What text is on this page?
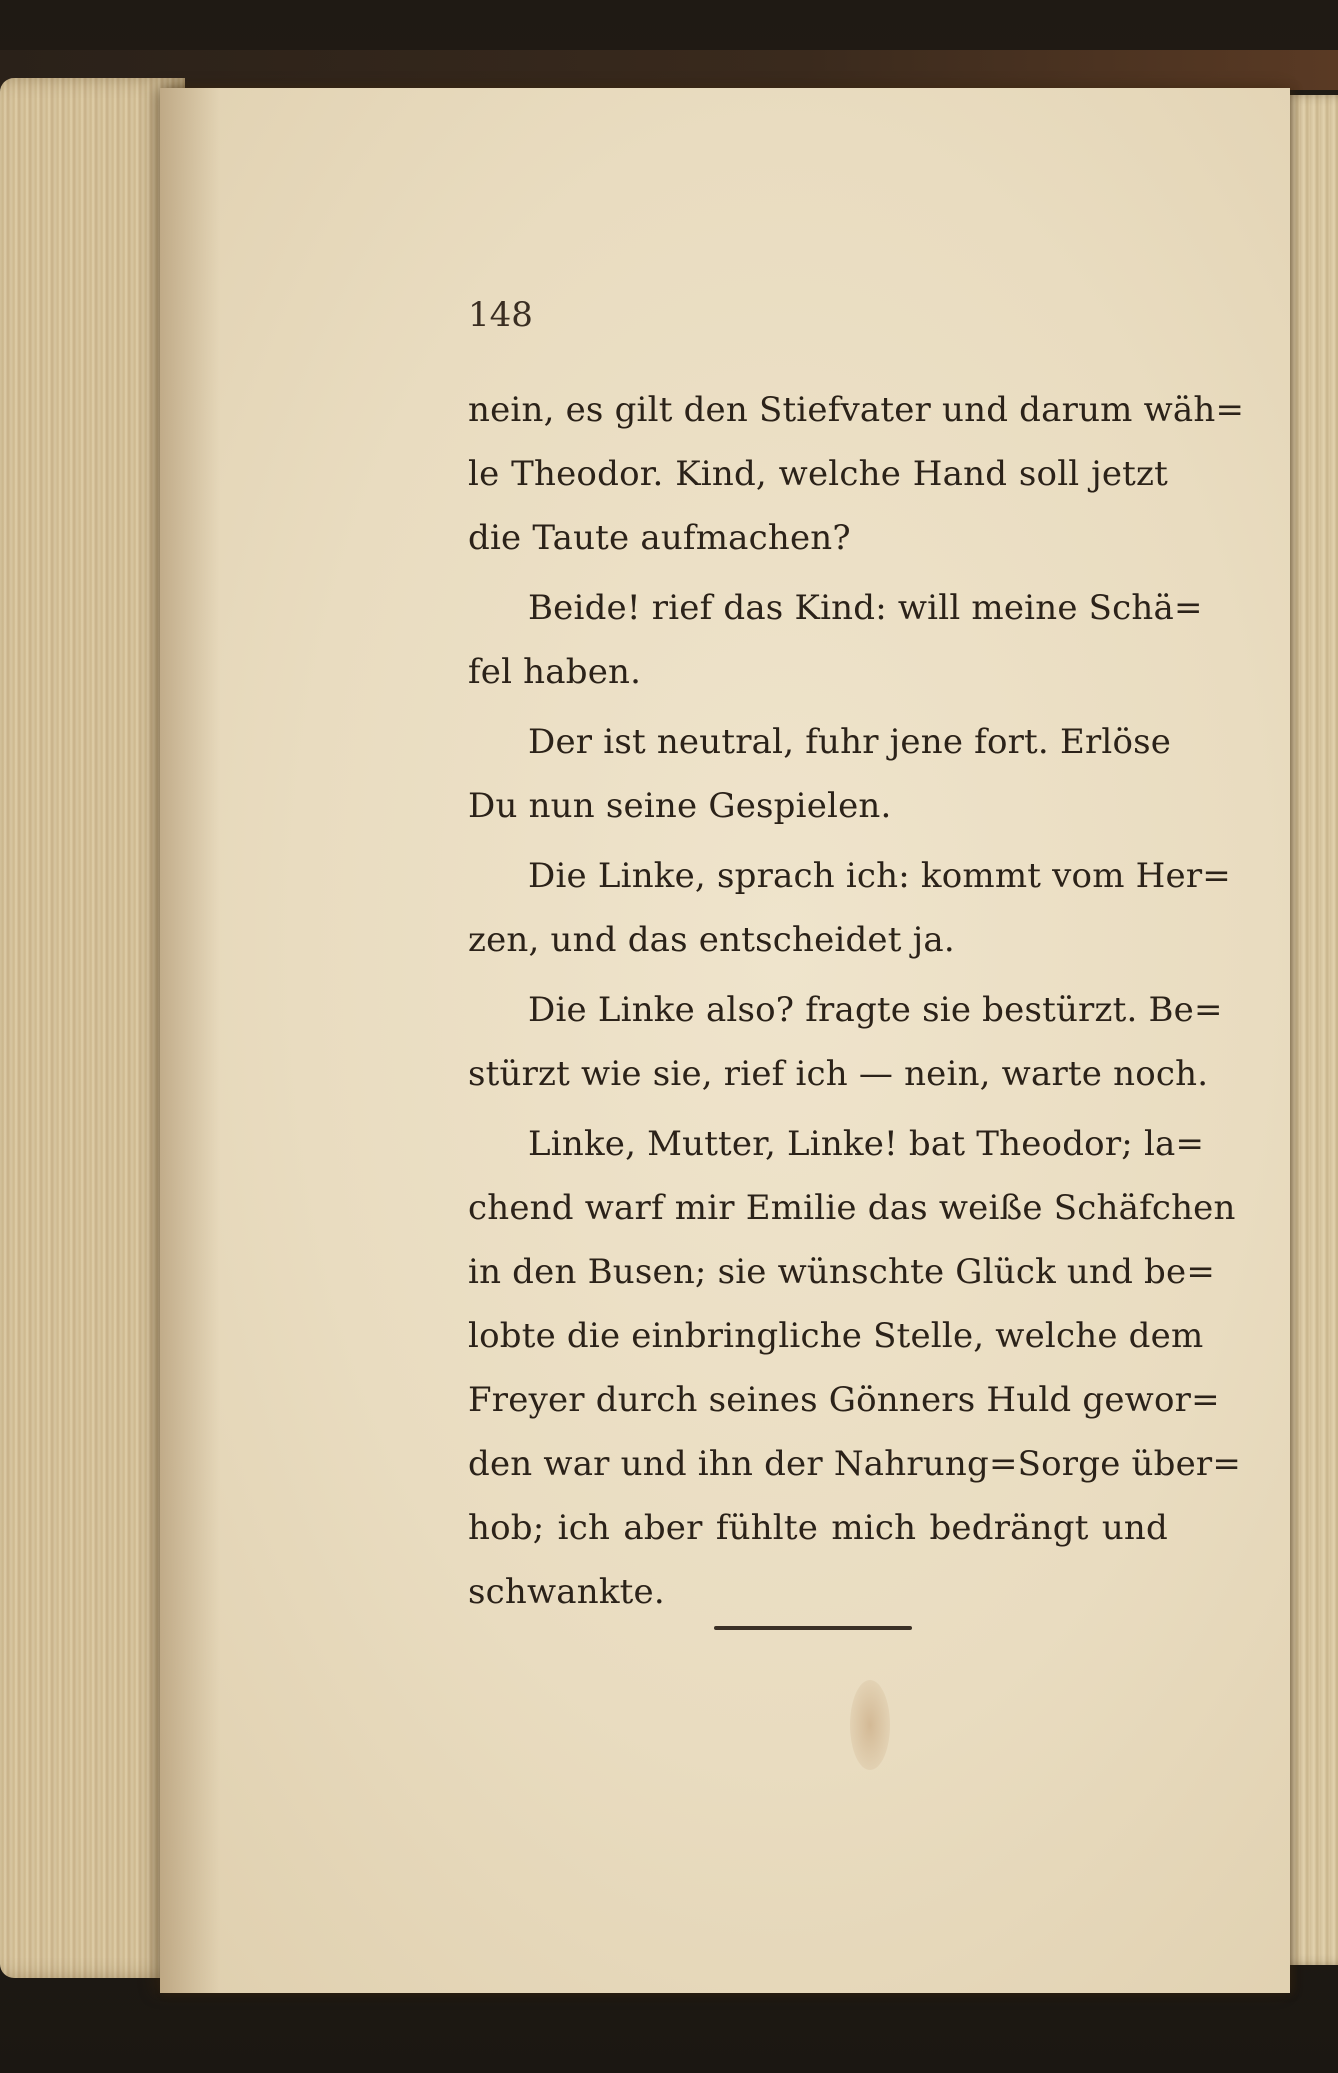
148
nein, es gilt den Stiefvater und darum wäh=
le Theodor. Kind, welche Hand soll jetzt
die Taute aufmachen?
Beide! rief das Kind: will meine Schä=
fel haben.
Der ist neutral, fuhr jene fort. Erlöse
Du nun seine Gespielen.
Die Linke, sprach ich: kommt vom Her=
zen, und das entscheidet ja.
Die Linke also? fragte sie bestürzt. Be=
stürzt wie sie, rief ich — nein, warte noch.
Linke, Mutter, Linke! bat Theodor; la=
chend warf mir Emilie das weiße Schäfchen
in den Busen; sie wünschte Glück und be=
lobte die einbringliche Stelle, welche dem
Freyer durch seines Gönners Huld gewor=
den war und ihn der Nahrung=Sorge über=
hob; ich aber fühlte mich bedrängt und
schwankte.
